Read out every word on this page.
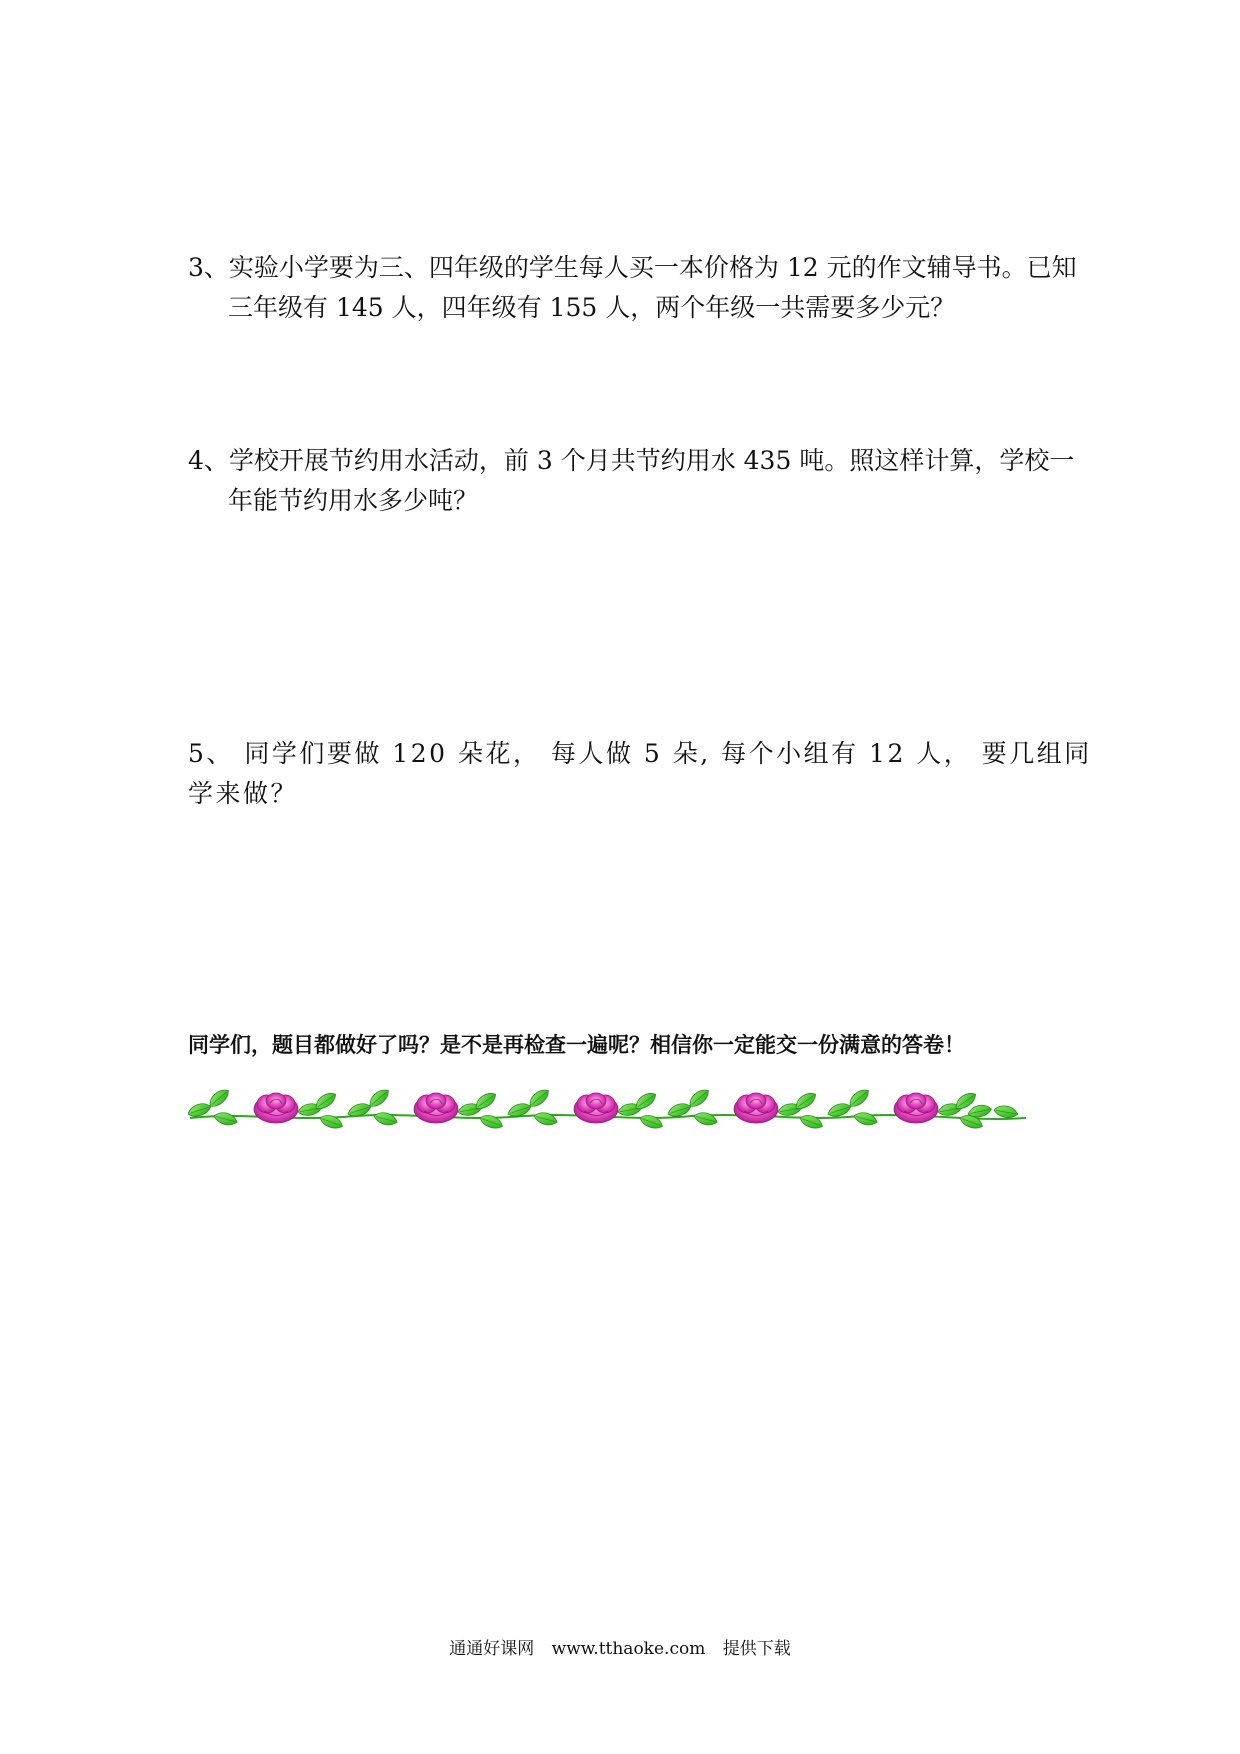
3、实验小学要为三、四年级的学生每人买一本价格为 12 元的作文辅导书。已知
三年级有 145 人，四年级有 155 人，两个年级一共需要多少元？
4、学校开展节约用水活动，前 3 个月共节约用水 435 吨。照这样计算，学校一
年能节约用水多少吨？
5、 同学们要做 120 朵花， 每人做 5 朵, 每个小组有 12 人， 要几组同
学来做？
同学们，题目都做好了吗？是不是再检查一遍呢？相信你一定能交一份满意的答卷！
通通好课网 www.tthaoke.com 提供下载
